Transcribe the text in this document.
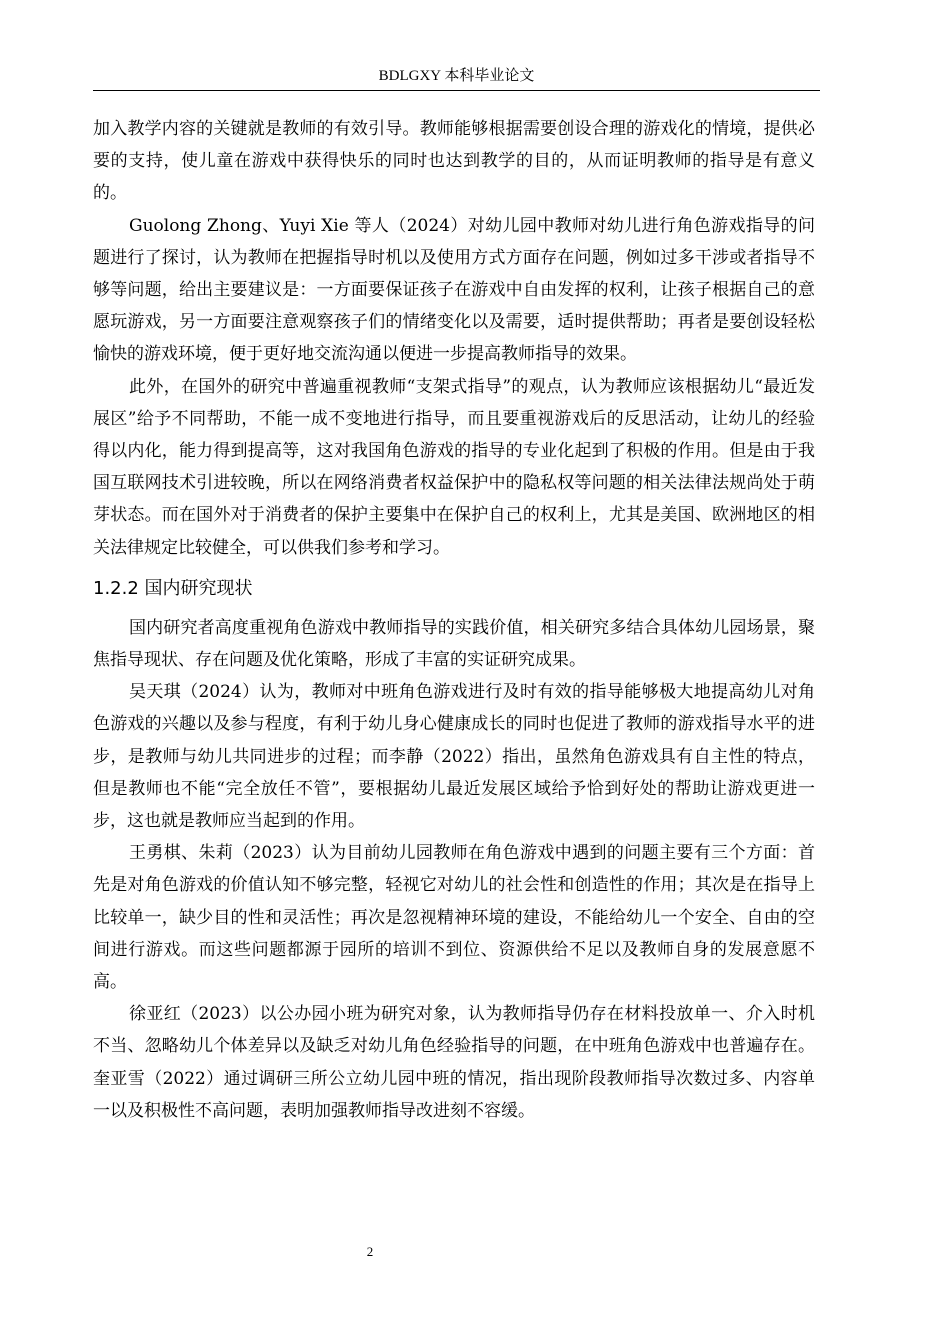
BDLGXY 本科毕业论文

加入教学内容的关键就是教师的有效引导。教师能够根据需要创设合理的游戏化的情境，提供必要的支持，使儿童在游戏中获得快乐的同时也达到教学的目的，从而证明教师的指导是有意义的。

Guolong Zhong、Yuyi Xie 等人（2024）对幼儿园中教师对幼儿进行角色游戏指导的问题进行了探讨，认为教师在把握指导时机以及使用方式方面存在问题，例如过多干涉或者指导不够等问题，给出主要建议是：一方面要保证孩子在游戏中自由发挥的权利，让孩子根据自己的意愿玩游戏，另一方面要注意观察孩子们的情绪变化以及需要，适时提供帮助；再者是要创设轻松愉快的游戏环境，便于更好地交流沟通以便进一步提高教师指导的效果。

此外，在国外的研究中普遍重视教师“支架式指导”的观点，认为教师应该根据幼儿“最近发展区”给予不同帮助，不能一成不变地进行指导，而且要重视游戏后的反思活动，让幼儿的经验得以内化，能力得到提高等，这对我国角色游戏的指导的专业化起到了积极的作用。但是由于我国互联网技术引进较晚，所以在网络消费者权益保护中的隐私权等问题的相关法律法规尚处于萌芽状态。而在国外对于消费者的保护主要集中在保护自己的权利上，尤其是美国、欧洲地区的相关法律规定比较健全，可以供我们参考和学习。

1.2.2 国内研究现状

国内研究者高度重视角色游戏中教师指导的实践价值，相关研究多结合具体幼儿园场景，聚焦指导现状、存在问题及优化策略，形成了丰富的实证研究成果。

吴天琪（2024）认为，教师对中班角色游戏进行及时有效的指导能够极大地提高幼儿对角色游戏的兴趣以及参与程度，有利于幼儿身心健康成长的同时也促进了教师的游戏指导水平的进步，是教师与幼儿共同进步的过程；而李静（2022）指出，虽然角色游戏具有自主性的特点，但是教师也不能“完全放任不管”，要根据幼儿最近发展区域给予恰到好处的帮助让游戏更进一步，这也就是教师应当起到的作用。

王勇棋、朱莉（2023）认为目前幼儿园教师在角色游戏中遇到的问题主要有三个方面：首先是对角色游戏的价值认知不够完整，轻视它对幼儿的社会性和创造性的作用；其次是在指导上比较单一，缺少目的性和灵活性；再次是忽视精神环境的建设，不能给幼儿一个安全、自由的空间进行游戏。而这些问题都源于园所的培训不到位、资源供给不足以及教师自身的发展意愿不高。

徐亚红（2023）以公办园小班为研究对象，认为教师指导仍存在材料投放单一、介入时机不当、忽略幼儿个体差异以及缺乏对幼儿角色经验指导的问题，在中班角色游戏中也普遍存在。奎亚雪（2022）通过调研三所公立幼儿园中班的情况，指出现阶段教师指导次数过多、内容单一以及积极性不高问题，表明加强教师指导改进刻不容缓。

2
